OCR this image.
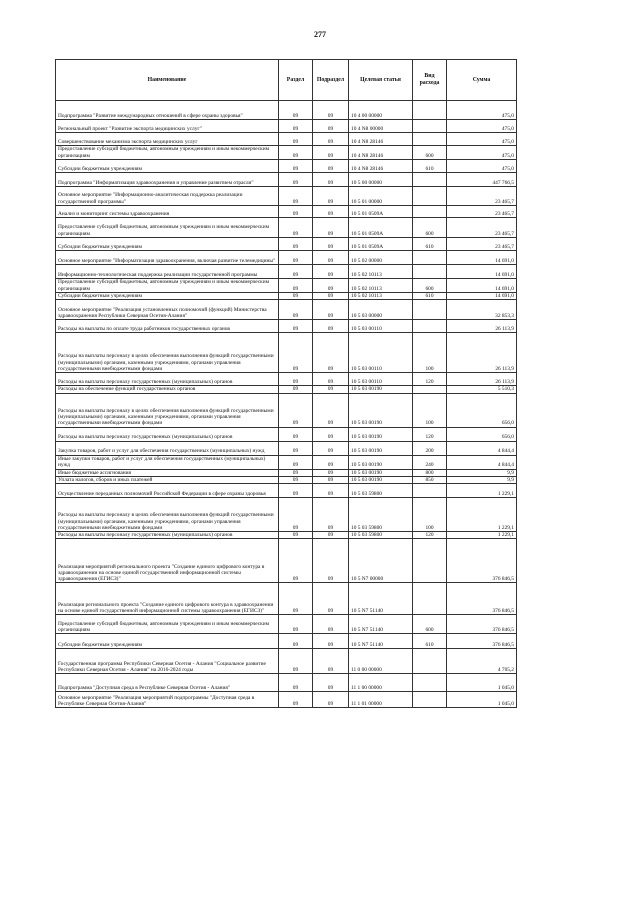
277
Наименование	Раздел	Подраздел	Целевая статья	Вид расхода	Сумма
Подпрограмма "Развитие международных отношений в сфере охраны здоровья"	09	09	10 4 00 00000		475,0
Региональный проект "Развитие экспорта медицинских услуг"	09	09	10 4 N8 00000		475,0
Совершенствование механизма экспорта медицинских услуг	09	09	10 4 N8 28146		475,0
Предоставление субсидий бюджетным, автономным учреждениям и иным некоммерческим организациям	09	09	10 4 N8 28146	600	475,0
Субсидии бюджетным учреждениям	09	09	10 4 N8 28146	610	475,0
Подпрограмма "Информатизация здравоохранения и управление развитием отрасли"	09	09	10 5 00 00000		447 766,5
Основное мероприятие "Информационно-аналитическая поддержка реализации государственной программы"	09	09	10 5 01 00000		23 465,7
Анализ и мониторинг системы здравоохранения	09	09	10 5 01 0509А		23 465,7
Предоставление субсидий бюджетным, автономным учреждениям и иным некоммерческим организациям	09	09	10 5 01 0509А	600	23 465,7
Субсидии бюджетным учреждениям	09	09	10 5 01 0509А	610	23 465,7
Основное мероприятие "Информатизация здравоохранения, включая развитие телемедицины"	09	09	10 5 02 00000		14 691,0
Информационно-технологическая поддержка реализации государственной программы	09	09	10 5 02 10113		14 691,0
Предоставление субсидий бюджетным, автономным учреждениям и иным некоммерческим организациям	09	09	10 5 02 10113	600	14 691,0
Субсидии бюджетным учреждениям	09	09	10 5 02 10113	610	14 691,0
Основное мероприятие "Реализация установленных полномочий (функций) Министерства здравоохранения Республики Северная Осетия-Алания"	09	09	10 5 03 00000		32 853,3
Расходы на выплаты по оплате труда работников государственных органов	09	09	10 5 03 00110		26 113,9
Расходы на выплаты персоналу в целях обеспечения выполнения функций государственными (муниципальными) органами, казенными учреждениями, органами управления государственными внебюджетными фондами	09	09	10 5 03 00110	100	26 113,9
Расходы на выплаты персоналу государственных (муниципальных) органов	09	09	10 5 03 00110	120	26 113,9
Расходы на обеспечение функций государственных органов	09	09	10 5 03 00190		5 510,3
Расходы на выплаты персоналу в целях обеспечения выполнения функций государственными (муниципальными) органами, казенными учреждениями, органами управления государственными внебюджетными фондами	09	09	10 5 03 00190	100	656,0
Расходы на выплаты персоналу государственных (муниципальных) органов	09	09	10 5 03 00190	120	656,0
Закупка товаров, работ и услуг для обеспечения государственных (муниципальных) нужд	09	09	10 5 03 00190	200	4 844,4
Иные закупки товаров, работ и услуг для обеспечения государственных (муниципальных) нужд	09	09	10 5 03 00190	240	4 844,4
Иные бюджетные ассигнования	09	09	10 5 03 00190	800	9,9
Уплата налогов, сборов и иных платежей	09	09	10 5 03 00190	850	9,9
Осуществление переданных полномочий Российской Федерации в сфере охраны здоровья	09	09	10 5 03 59800		1 229,1
Расходы на выплаты персоналу в целях обеспечения выполнения функций государственными (муниципальными) органами, казенными учреждениями, органами управления государственными внебюджетными фондами	09	09	10 5 03 59800	100	1 229,1
Расходы на выплаты персоналу государственных (муниципальных) органов	09	09	10 5 03 59800	120	1 229,1
Реализация мероприятий регионального проекта "Создание единого цифрового контура в здравоохранении на основе единой государственной информационной системы здравоохранения (ЕГИСЗ)"	09	09	10 5 N7 00000		376 846,5
Реализация регионального проекта "Создание единого цифрового контура в здравоохранении на основе единой государственной информационной системы здравоохранения (ЕГИСЗ)"	09	09	10 5 N7 51140		376 846,5
Предоставление субсидий бюджетным, автономным учреждениям и иным некоммерческим организациям	09	09	10 5 N7 51140	600	376 846,5
Субсидии бюджетным учреждениям	09	09	10 5 N7 51140	610	376 846,5
Государственная программа Республики Северная Осетия - Алания "Социальное развитие Республики Северная Осетия - Алания" на 2016-2024 годы	09	09	11 0 00 00000		4 705,2
Подпрограмма "Доступная среда в Республике Северная Осетия - Алания"	09	09	11 1 00 00000		1 045,0
Основное мероприятие "Реализация мероприятий подпрограммы "Доступная среда в Республике Северная Осетия-Алания"	09	09	11 1 01 00000		1 045,0
